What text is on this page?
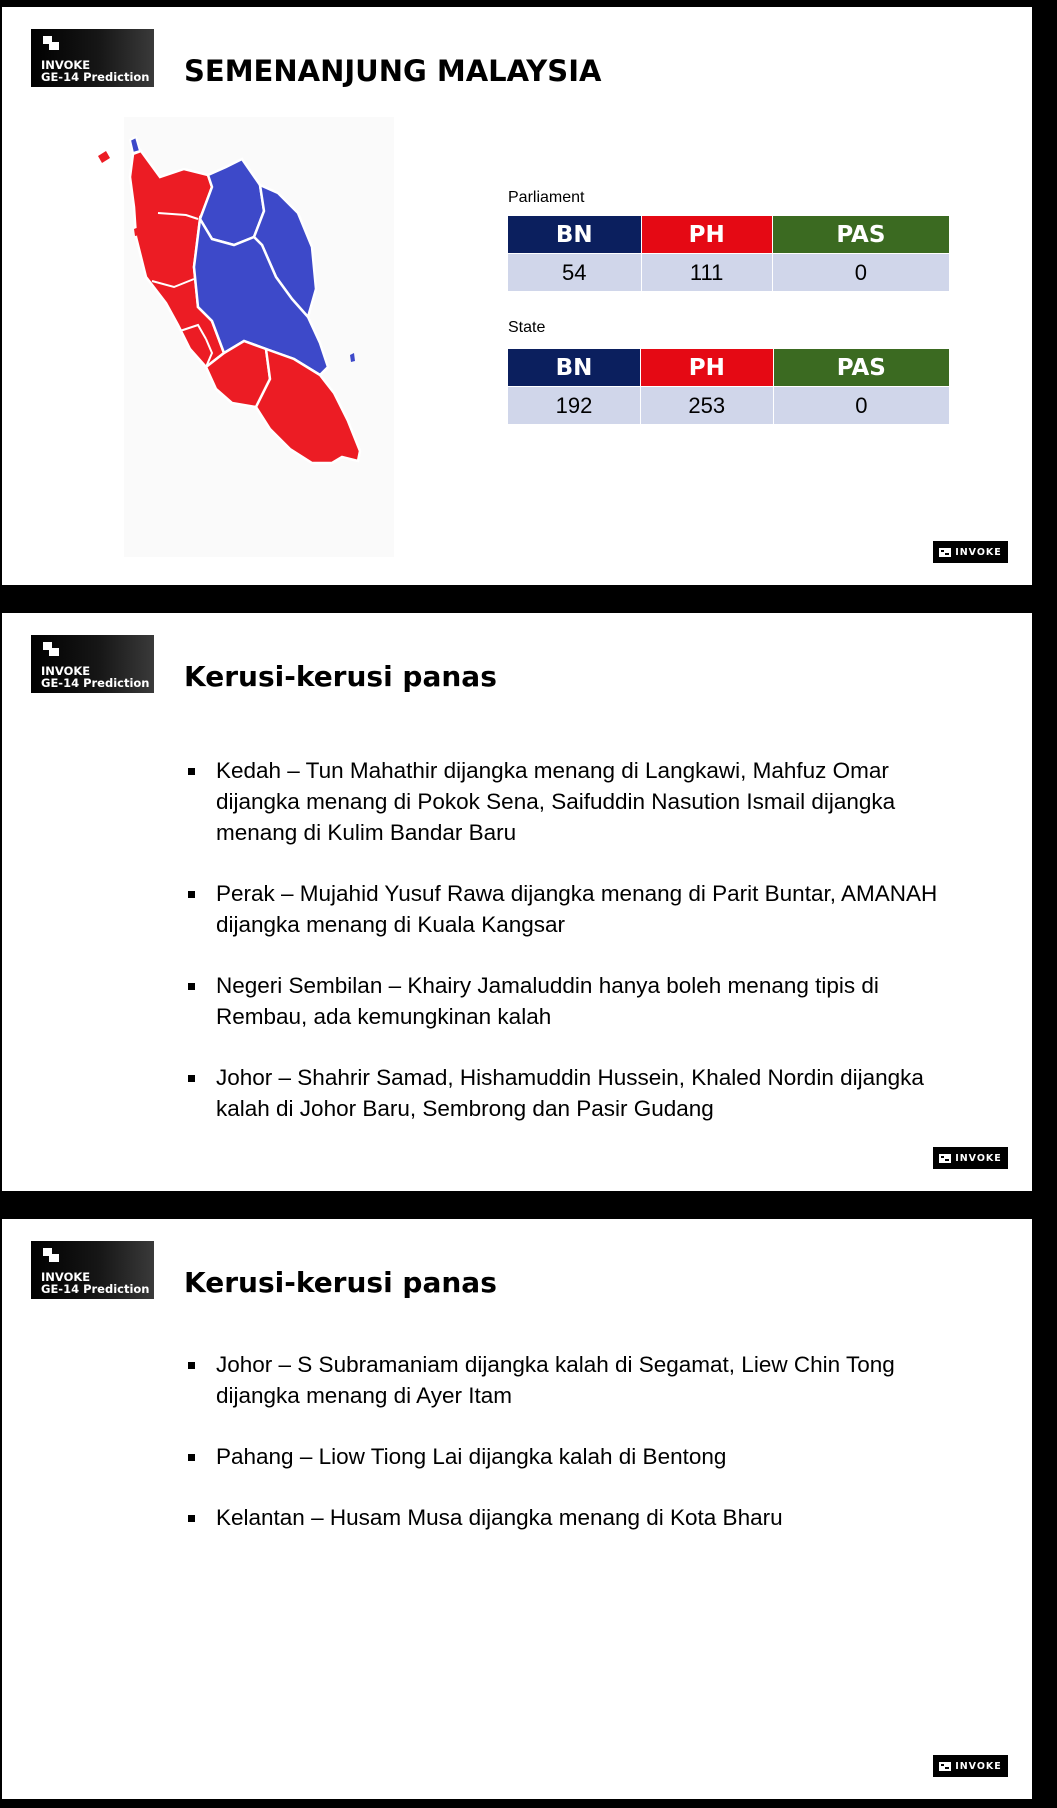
INVOKE
GE-14 Prediction SEMENANJUNG MALAYSIA
Parliament
BN	PH	PAS
54	111	0
State
BN	PH	PAS
192	253	0
INVOKE
INVOKE
GE-14 Prediction Kerusi-kerusi panas
Kedah – Tun Mahathir dijangka menang di Langkawi, Mahfuz Omar dijangka menang di Pokok Sena, Saifuddin Nasution Ismail dijangka menang di Kulim Bandar Baru
Perak – Mujahid Yusuf Rawa dijangka menang di Parit Buntar, AMANAH dijangka menang di Kuala Kangsar
Negeri Sembilan – Khairy Jamaluddin hanya boleh menang tipis di Rembau, ada kemungkinan kalah
Johor – Shahrir Samad, Hishamuddin Hussein, Khaled Nordin dijangka kalah di Johor Baru, Sembrong dan Pasir Gudang
INVOKE
INVOKE
GE-14 Prediction Kerusi-kerusi panas
Johor – S Subramaniam dijangka kalah di Segamat, Liew Chin Tong dijangka menang di Ayer Itam
Pahang – Liow Tiong Lai dijangka kalah di Bentong
Kelantan – Husam Musa dijangka menang di Kota Bharu
INVOKE
